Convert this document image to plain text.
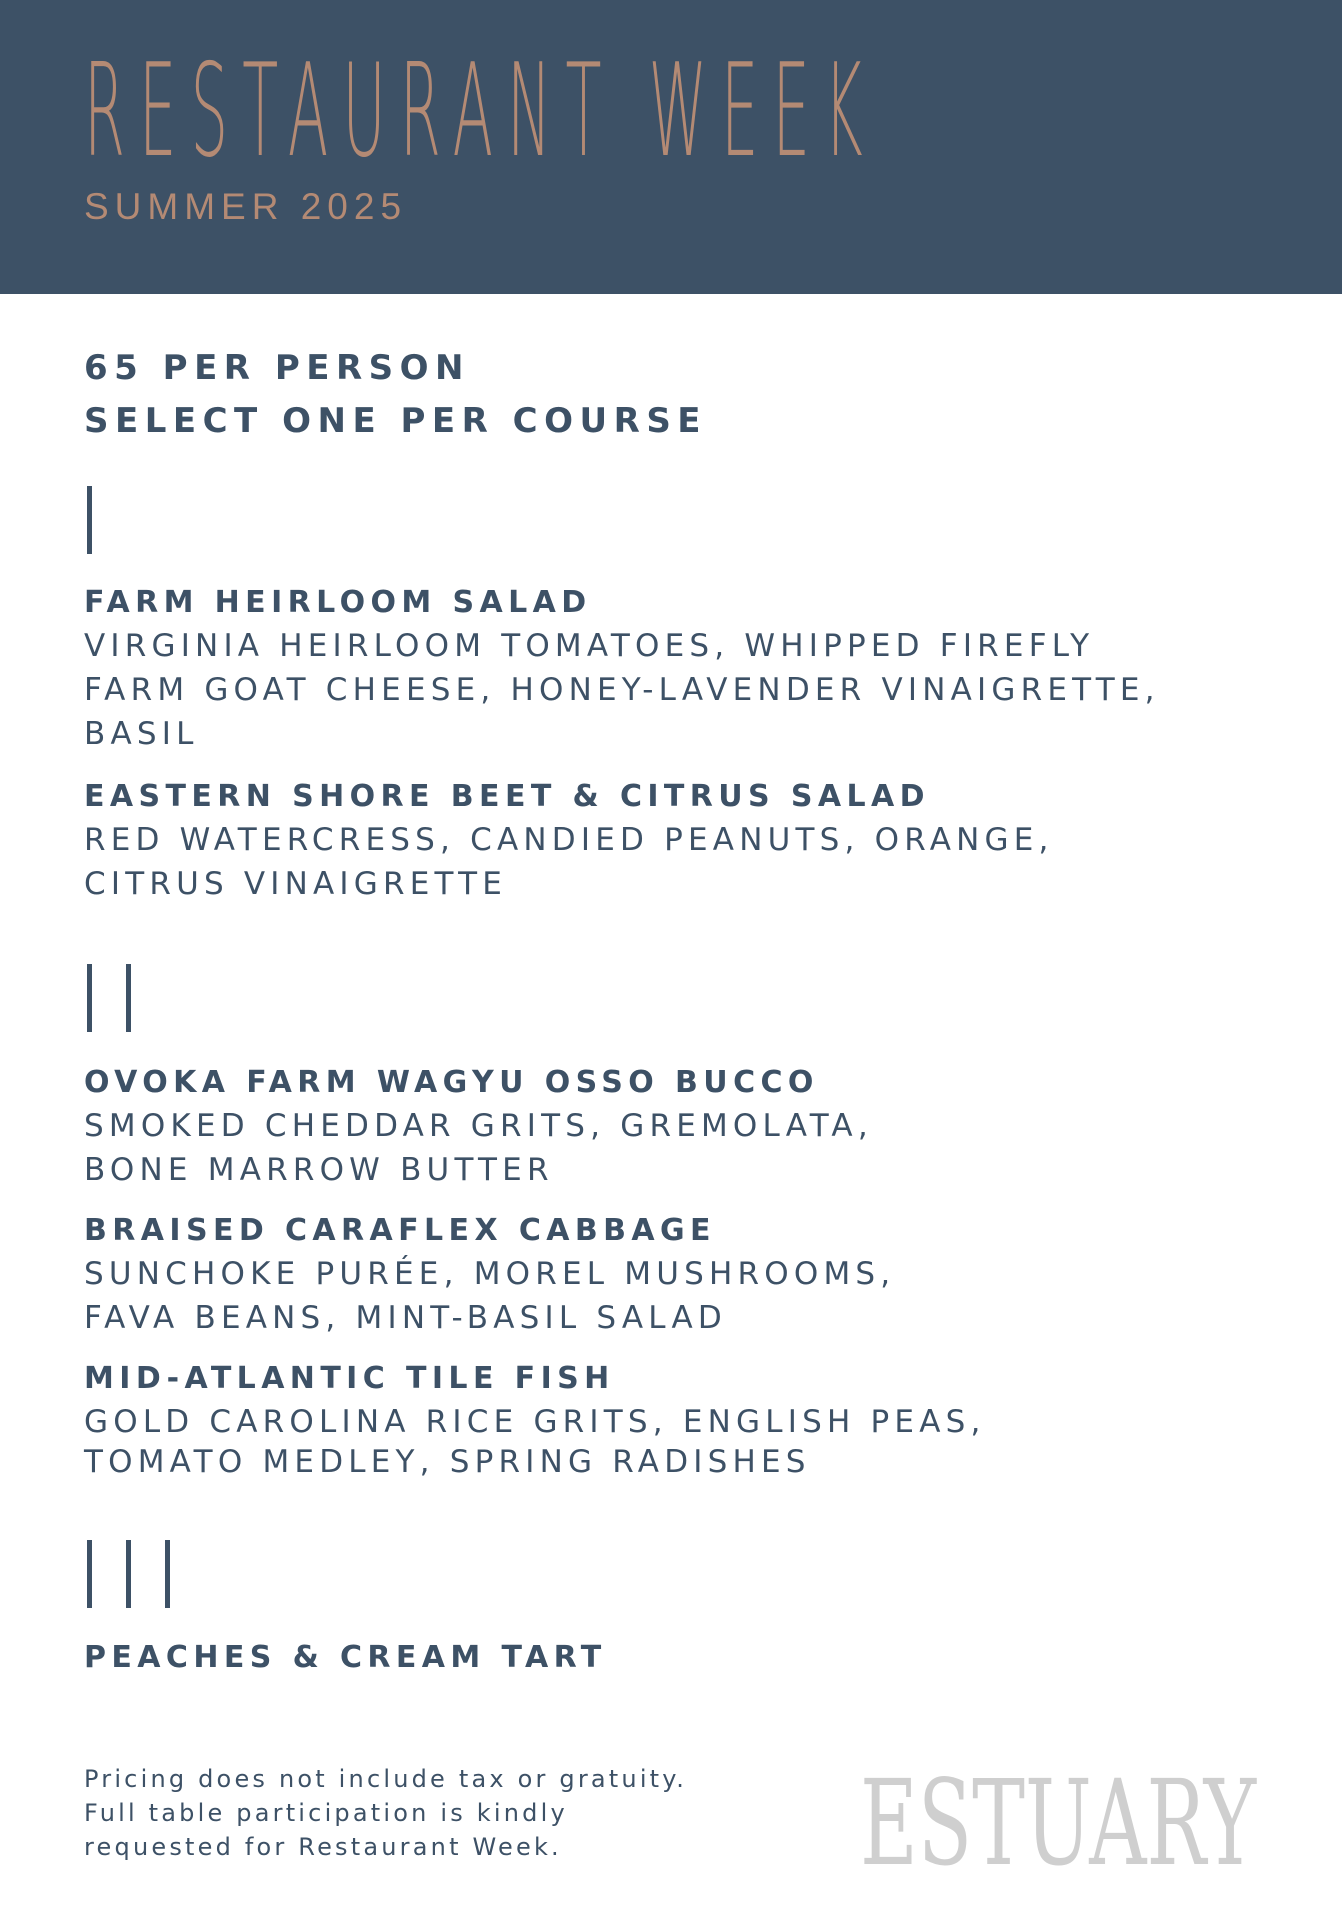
RESTAURANT WEEK
SUMMER 2025
65 PER PERSON
SELECT ONE PER COURSE
FARM HEIRLOOM SALAD
VIRGINIA HEIRLOOM TOMATOES, WHIPPED FIREFLY
FARM GOAT CHEESE, HONEY-LAVENDER VINAIGRETTE,
BASIL
EASTERN SHORE BEET & CITRUS SALAD
RED WATERCRESS, CANDIED PEANUTS, ORANGE,
CITRUS VINAIGRETTE
OVOKA FARM WAGYU OSSO BUCCO
SMOKED CHEDDAR GRITS, GREMOLATA,
BONE MARROW BUTTER
BRAISED CARAFLEX CABBAGE
SUNCHOKE PURÉE, MOREL MUSHROOMS,
FAVA BEANS, MINT-BASIL SALAD
MID-ATLANTIC TILE FISH
GOLD CAROLINA RICE GRITS, ENGLISH PEAS,
TOMATO MEDLEY, SPRING RADISHES
PEACHES & CREAM TART
Pricing does not include tax or gratuity.
Full table participation is kindly
requested for Restaurant Week.	ESTUARY
